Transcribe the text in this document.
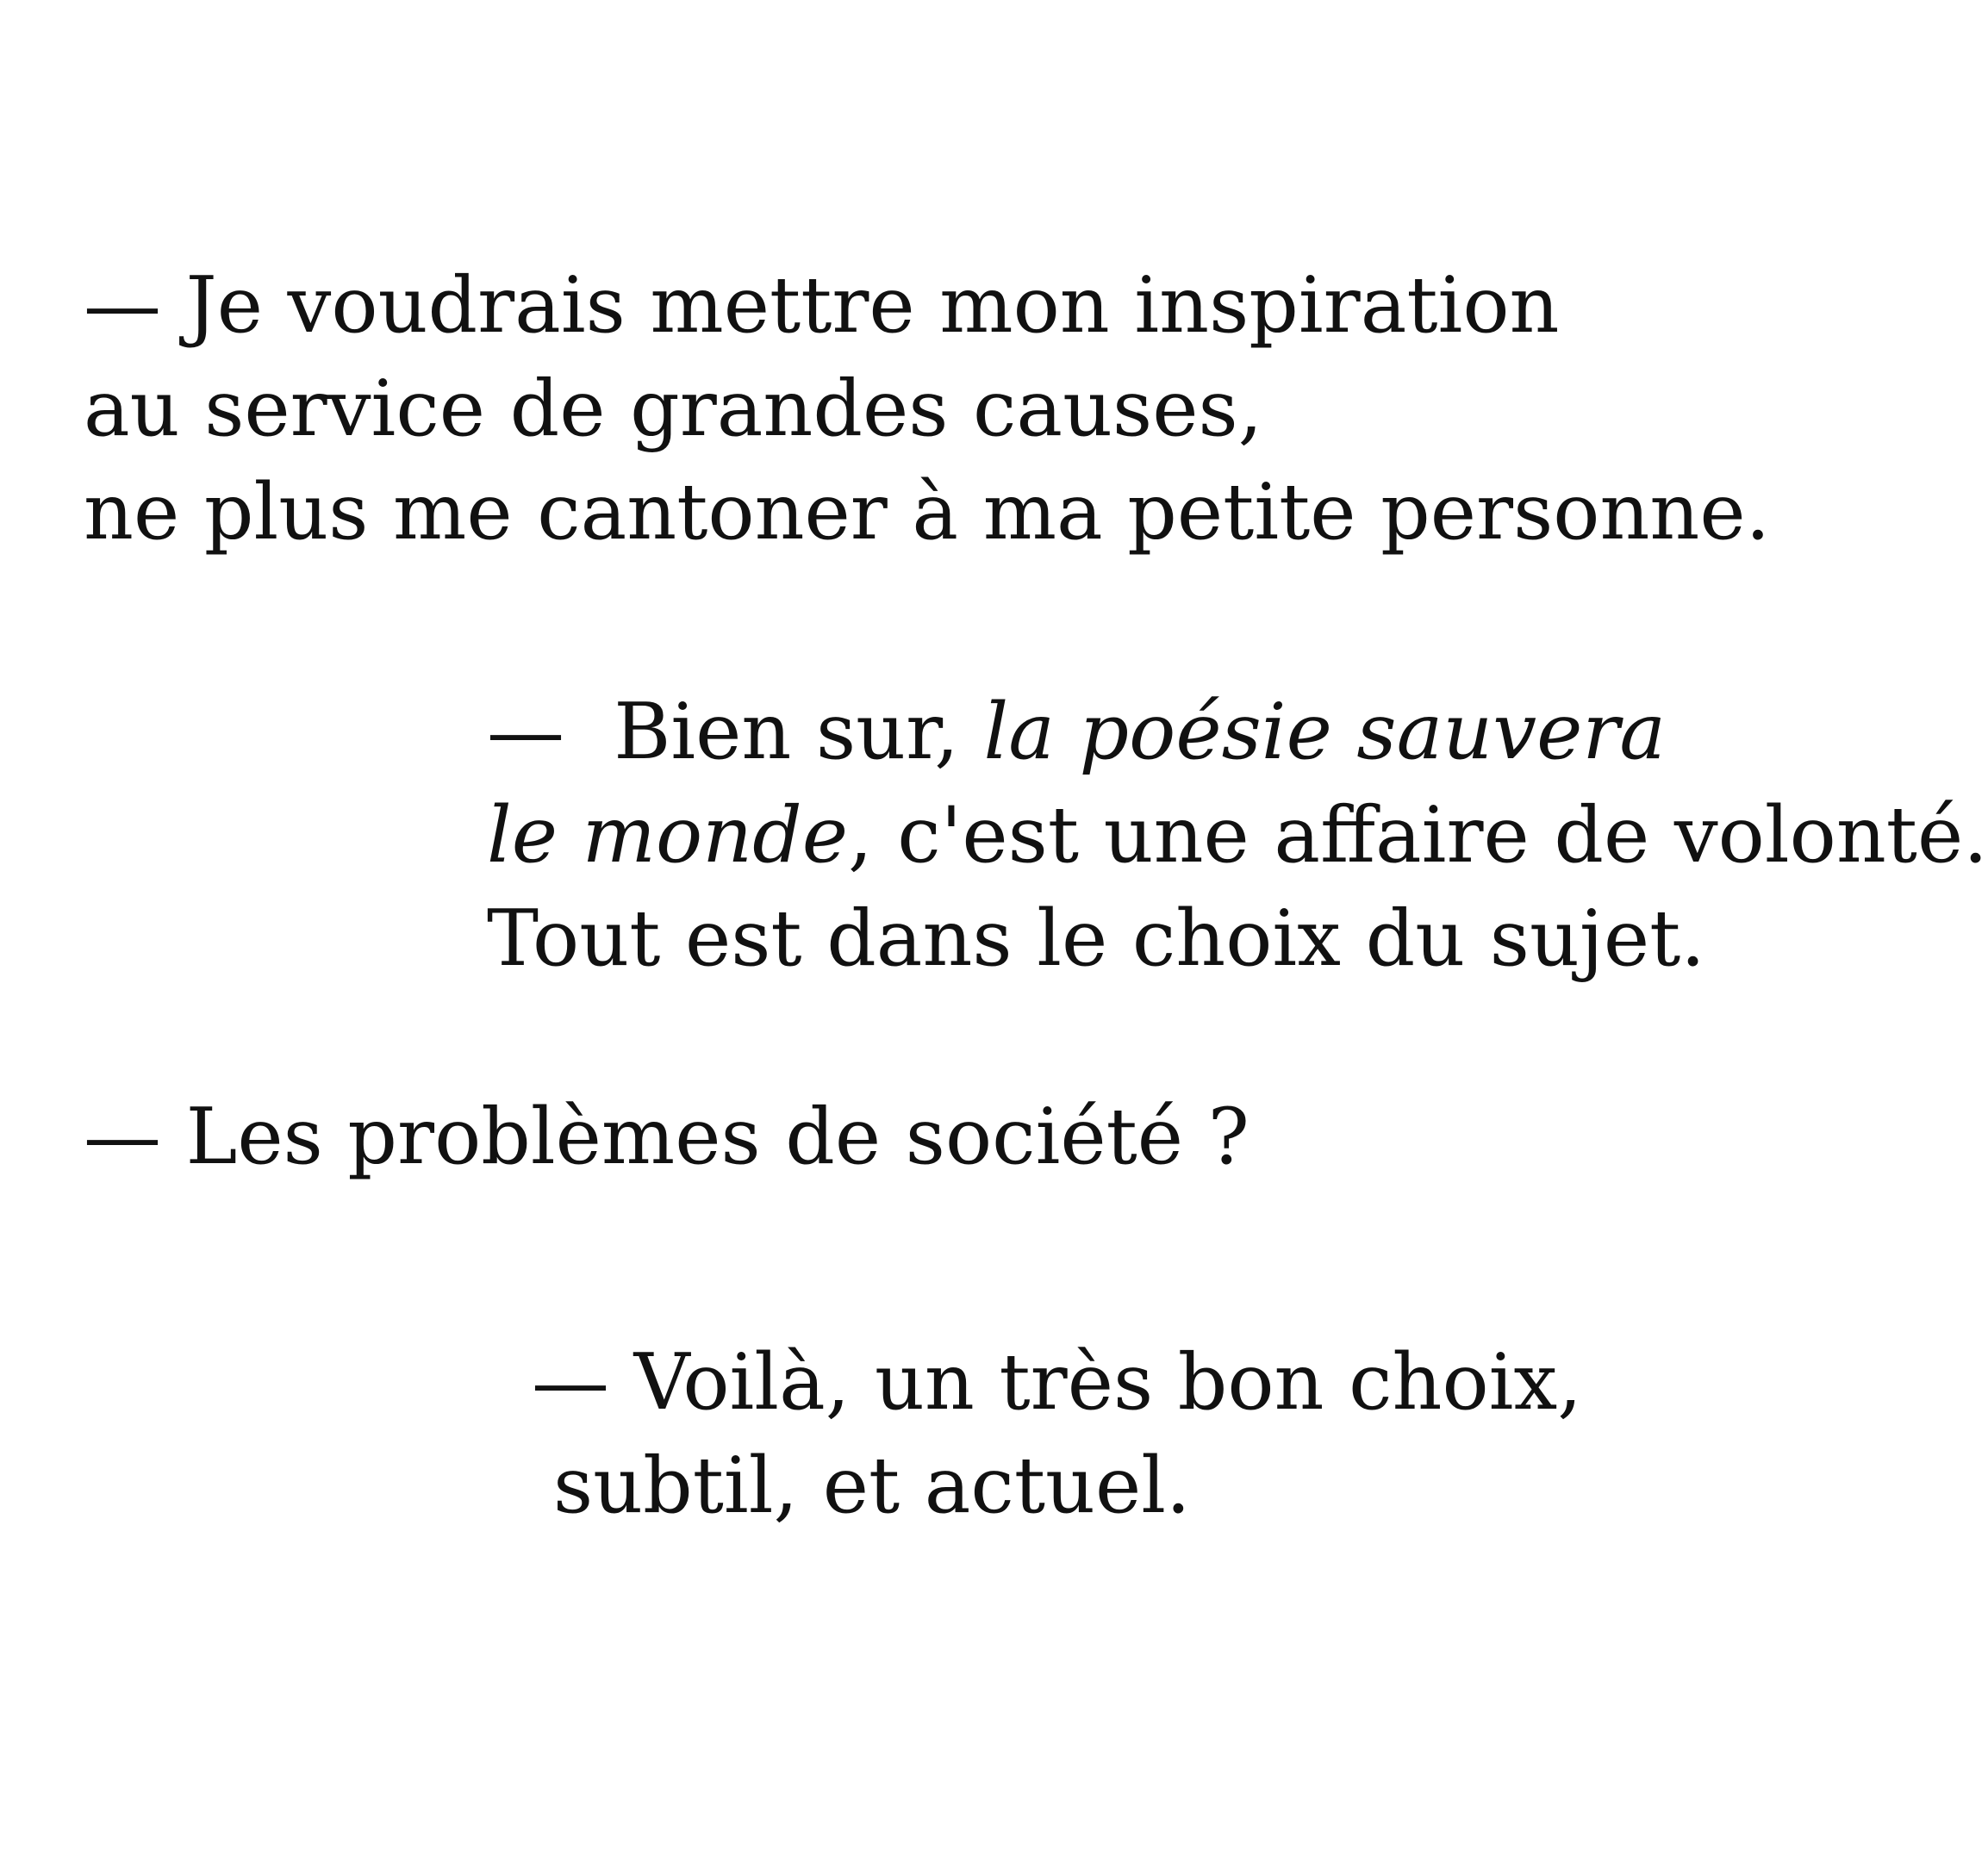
— Je voudrais mettre mon inspiration
au service de grandes causes,
ne plus me cantoner à ma petite personne.
—  Bien sur, la poésie sauvera
le monde, c'est une affaire de volonté.
Tout est dans le choix du sujet.
— Les problèmes de société ?
— Voilà, un très bon choix,
subtil, et actuel.
